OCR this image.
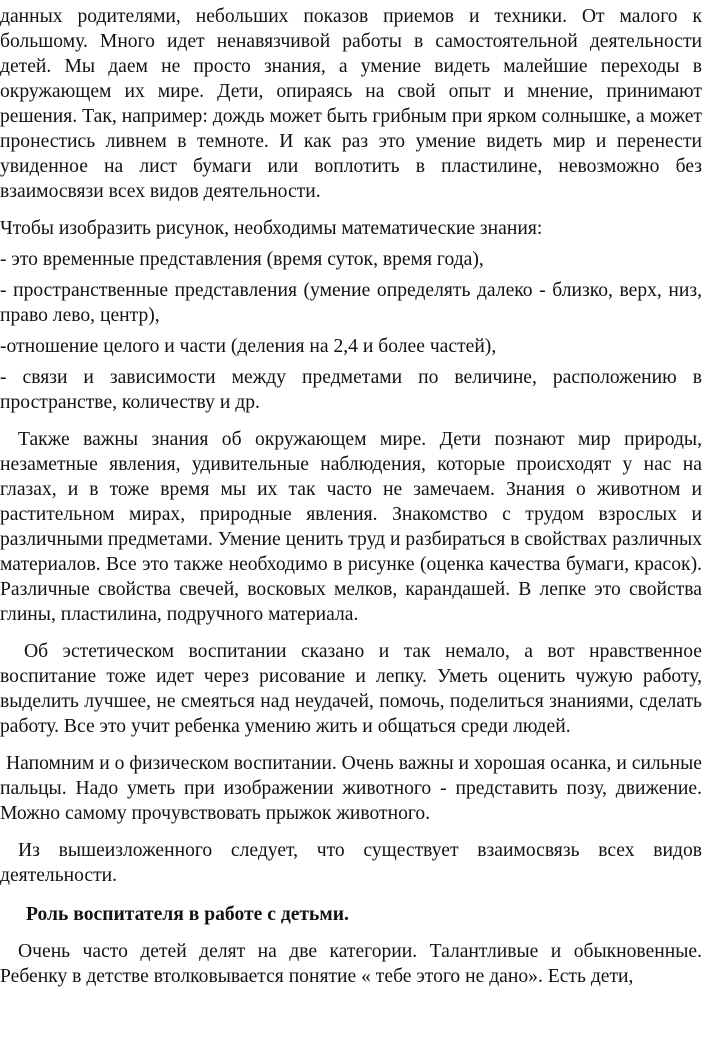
данных родителями, небольших показов приемов и техники. От малого к большому. Много идет ненавязчивой работы в самостоятельной деятельности детей. Мы даем не просто знания, а умение видеть малейшие переходы в окружающем их мире. Дети, опираясь на свой опыт и мнение, принимают решения. Так, например: дождь может быть грибным при ярком солнышке, а может пронестись ливнем в темноте. И как раз это умение видеть мир и перенести увиденное на лист бумаги или воплотить в пластилине, невозможно без взаимосвязи всех видов деятельности.

Чтобы изобразить рисунок, необходимы математические знания:

- это временные представления (время суток, время года),

- пространственные представления (умение определять далеко - близко, верх, низ, право лево, центр),

-отношение целого и части (деления на 2,4 и более частей),

- связи и зависимости между предметами по величине, расположению в пространстве, количеству и др.

Также важны знания об окружающем мире. Дети познают мир природы, незаметные явления, удивительные наблюдения, которые происходят у нас на глазах, и в тоже время мы их так часто не замечаем. Знания о животном и растительном мирах, природные явления. Знакомство с трудом взрослых и различными предметами. Умение ценить труд и разбираться в свойствах различных материалов. Все это также необходимо в рисунке (оценка качества бумаги, красок). Различные свойства свечей, восковых мелков, карандашей. В лепке это свойства глины, пластилина, подручного материала.

Об эстетическом воспитании сказано и так немало, а вот нравственное воспитание тоже идет через рисование и лепку. Уметь оценить чужую работу, выделить лучшее, не смеяться над неудачей, помочь, поделиться знаниями, сделать работу. Все это учит ребенка умению жить и общаться среди людей.

Напомним и о физическом воспитании. Очень важны и хорошая осанка, и сильные пальцы. Надо уметь при изображении животного - представить позу, движение. Можно самому прочувствовать прыжок животного.

Из вышеизложенного следует, что существует взаимосвязь всех видов деятельности.

Роль воспитателя в работе с детьми.

Очень часто детей делят на две категории. Талантливые и обыкновенные. Ребенку в детстве втолковывается понятие « тебе этого не дано». Есть дети,
